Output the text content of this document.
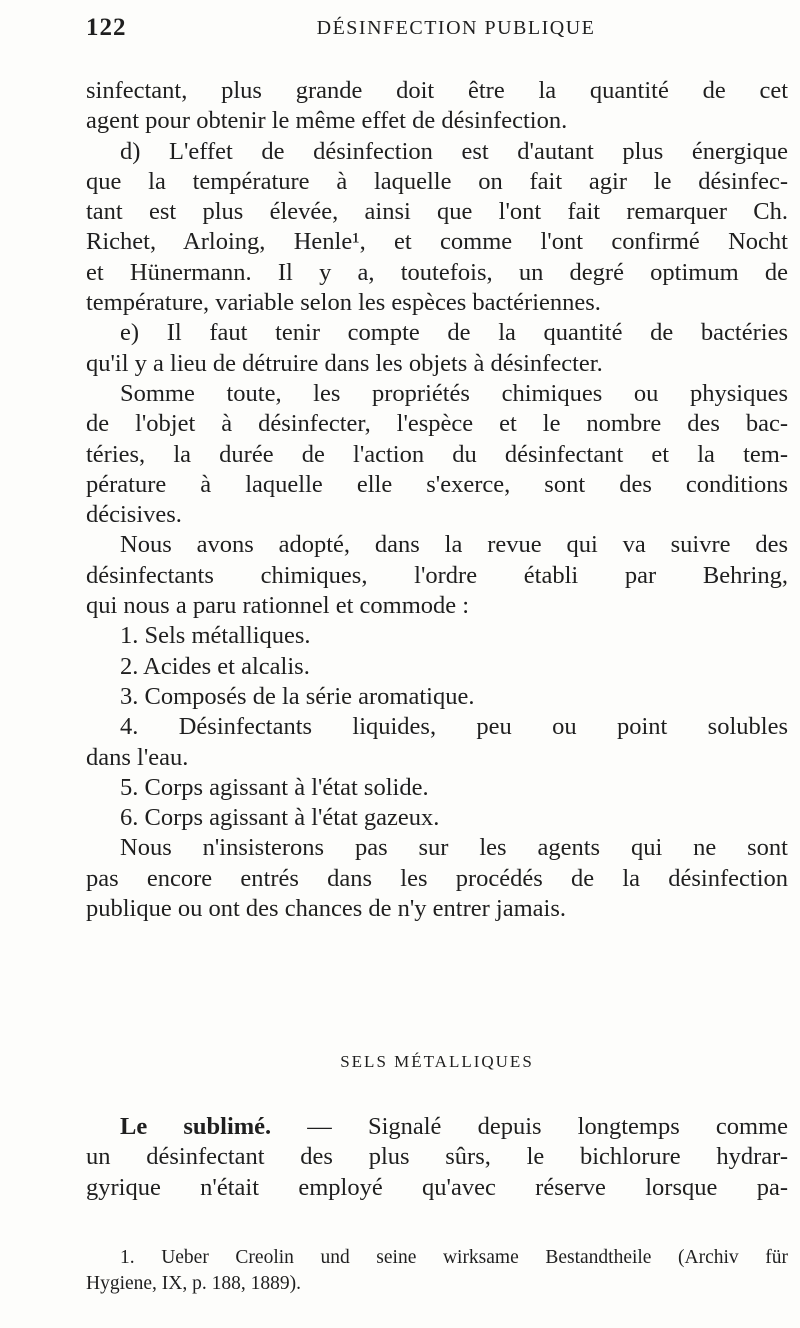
122	DÉSINFECTION PUBLIQUE
sinfectant, plus grande doit être la quantité de cet
agent pour obtenir le même effet de désinfection.
d) L'effet de désinfection est d'autant plus énergique
que la température à laquelle on fait agir le désinfec-
tant est plus élevée, ainsi que l'ont fait remarquer Ch.
Richet, Arloing, Henle¹, et comme l'ont confirmé Nocht
et Hünermann. Il y a, toutefois, un degré optimum de
température, variable selon les espèces bactériennes.
e) Il faut tenir compte de la quantité de bactéries
qu'il y a lieu de détruire dans les objets à désinfecter.
Somme toute, les propriétés chimiques ou physiques
de l'objet à désinfecter, l'espèce et le nombre des bac-
téries, la durée de l'action du désinfectant et la tem-
pérature à laquelle elle s'exerce, sont des conditions
décisives.
Nous avons adopté, dans la revue qui va suivre des
désinfectants chimiques, l'ordre établi par Behring,
qui nous a paru rationnel et commode :
1. Sels métalliques.
2. Acides et alcalis.
3. Composés de la série aromatique.
4. Désinfectants liquides, peu ou point solubles
dans l'eau.
5. Corps agissant à l'état solide.
6. Corps agissant à l'état gazeux.
Nous n'insisterons pas sur les agents qui ne sont
pas encore entrés dans les procédés de la désinfection
publique ou ont des chances de n'y entrer jamais.
SELS MÉTALLIQUES
Le sublimé. — Signalé depuis longtemps comme
un désinfectant des plus sûrs, le bichlorure hydrar-
gyrique n'était employé qu'avec réserve lorsque pa-
1. Ueber Creolin und seine wirksame Bestandtheile (Archiv für
Hygiene, IX, p. 188, 1889).
